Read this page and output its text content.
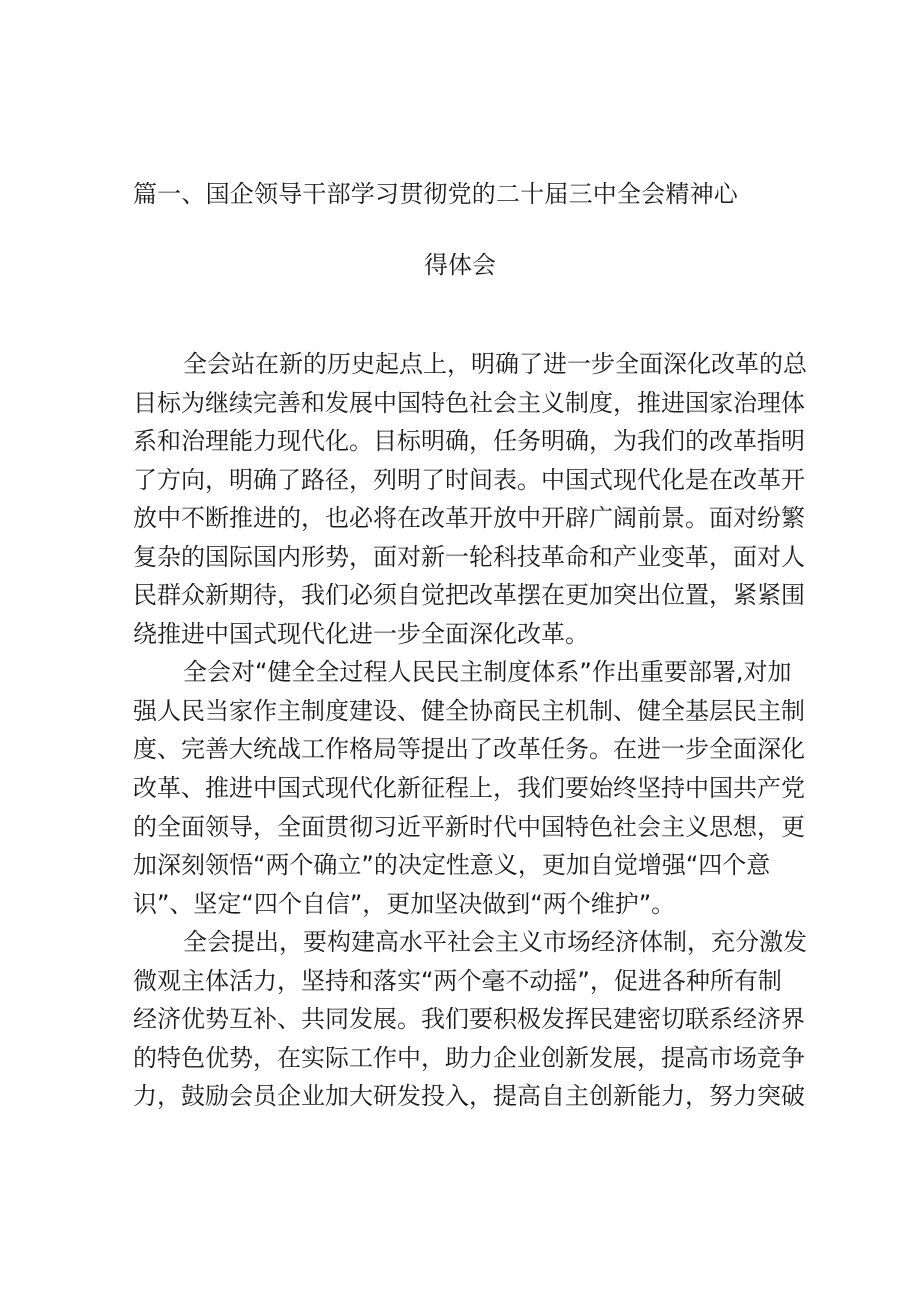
篇一、国企领导干部学习贯彻党的二十届三中全会精神心
得体会
全会站在新的历史起点上，明确了进一步全面深化改革的总
目标为继续完善和发展中国特色社会主义制度，推进国家治理体
系和治理能力现代化。目标明确，任务明确，为我们的改革指明
了方向，明确了路径，列明了时间表。中国式现代化是在改革开
放中不断推进的，也必将在改革开放中开辟广阔前景。面对纷繁
复杂的国际国内形势，面对新一轮科技革命和产业变革，面对人
民群众新期待，我们必须自觉把改革摆在更加突出位置，紧紧围
绕推进中国式现代化进一步全面深化改革。
全会对“健全全过程人民民主制度体系”作出重要部署,对加
强人民当家作主制度建设、健全协商民主机制、健全基层民主制
度、完善大统战工作格局等提出了改革任务。在进一步全面深化
改革、推进中国式现代化新征程上，我们要始终坚持中国共产党
的全面领导，全面贯彻习近平新时代中国特色社会主义思想，更
加深刻领悟“两个确立”的决定性意义，更加自觉增强“四个意
识”、坚定“四个自信”，更加坚决做到“两个维护”。
全会提出，要构建高水平社会主义市场经济体制，充分激发
微观主体活力，坚持和落实“两个毫不动摇”，促进各种所有制
经济优势互补、共同发展。我们要积极发挥民建密切联系经济界
的特色优势，在实际工作中，助力企业创新发展，提高市场竞争
力，鼓励会员企业加大研发投入，提高自主创新能力，努力突破
